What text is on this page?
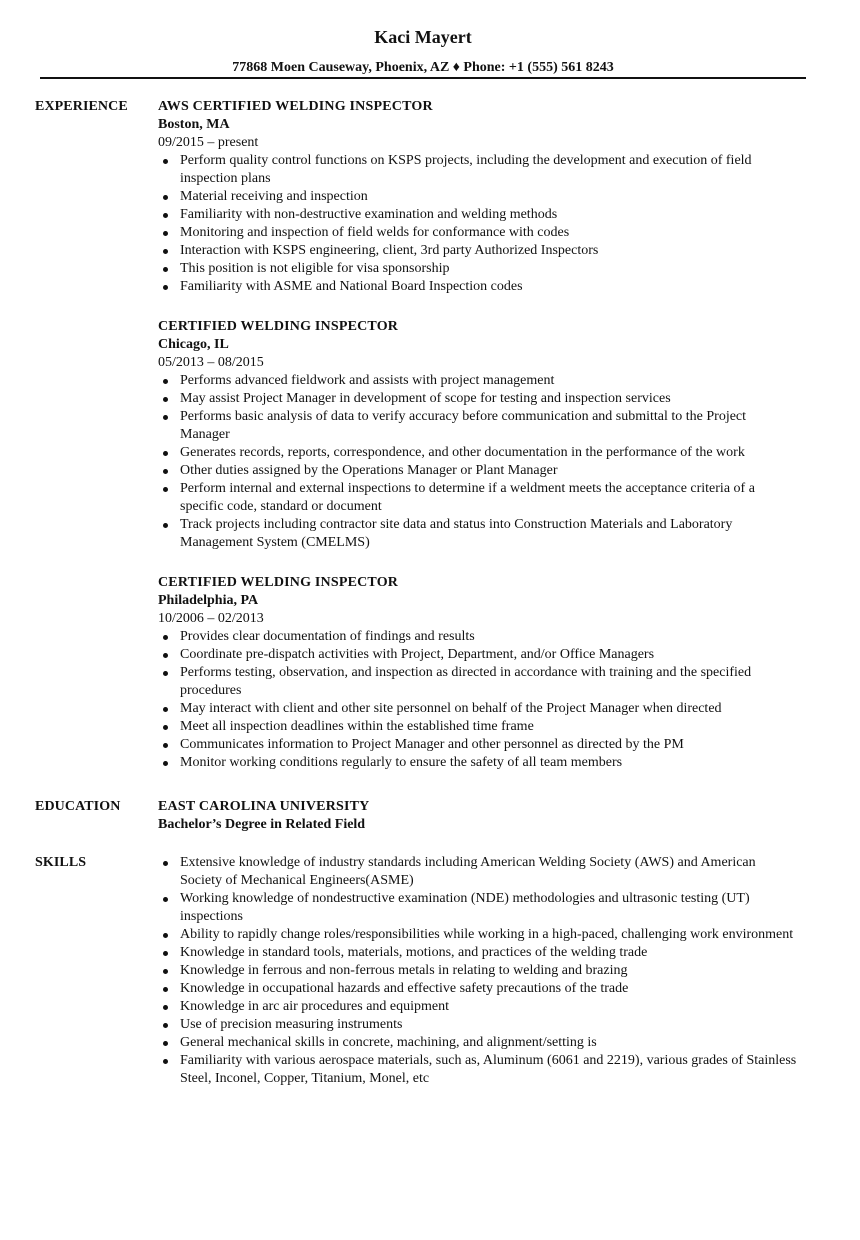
Kaci Mayert
77868 Moen Causeway, Phoenix, AZ ♦ Phone: +1 (555) 561 8243
EXPERIENCE AWS CERTIFIED WELDING INSPECTOR
Boston, MA
09/2015 – present
Perform quality control functions on KSPS projects, including the development and execution of field inspection plans
Material receiving and inspection
Familiarity with non-destructive examination and welding methods
Monitoring and inspection of field welds for conformance with codes
Interaction with KSPS engineering, client, 3rd party Authorized Inspectors
This position is not eligible for visa sponsorship
Familiarity with ASME and National Board Inspection codes
CERTIFIED WELDING INSPECTOR
Chicago, IL
05/2013 – 08/2015
Performs advanced fieldwork and assists with project management
May assist Project Manager in development of scope for testing and inspection services
Performs basic analysis of data to verify accuracy before communication and submittal to the Project Manager
Generates records, reports, correspondence, and other documentation in the performance of the work
Other duties assigned by the Operations Manager or Plant Manager
Perform internal and external inspections to determine if a weldment meets the acceptance criteria of a specific code, standard or document
Track projects including contractor site data and status into Construction Materials and Laboratory Management System (CMELMS)
CERTIFIED WELDING INSPECTOR
Philadelphia, PA
10/2006 – 02/2013
Provides clear documentation of findings and results
Coordinate pre-dispatch activities with Project, Department, and/or Office Managers
Performs testing, observation, and inspection as directed in accordance with training and the specified procedures
May interact with client and other site personnel on behalf of the Project Manager when directed
Meet all inspection deadlines within the established time frame
Communicates information to Project Manager and other personnel as directed by the PM
Monitor working conditions regularly to ensure the safety of all team members
EDUCATION	EAST CAROLINA UNIVERSITY
Bachelor’s Degree in Related Field
SKILLS	Extensive knowledge of industry standards including American Welding Society (AWS) and American Society of Mechanical Engineers(ASME)
Working knowledge of nondestructive examination (NDE) methodologies and ultrasonic testing (UT) inspections
Ability to rapidly change roles/responsibilities while working in a high-paced, challenging work environment
Knowledge in standard tools, materials, motions, and practices of the welding trade
Knowledge in ferrous and non-ferrous metals in relating to welding and brazing
Knowledge in occupational hazards and effective safety precautions of the trade
Knowledge in arc air procedures and equipment
Use of precision measuring instruments
General mechanical skills in concrete, machining, and alignment/setting is
Familiarity with various aerospace materials, such as, Aluminum (6061 and 2219), various grades of Stainless Steel, Inconel, Copper, Titanium, Monel, etc
